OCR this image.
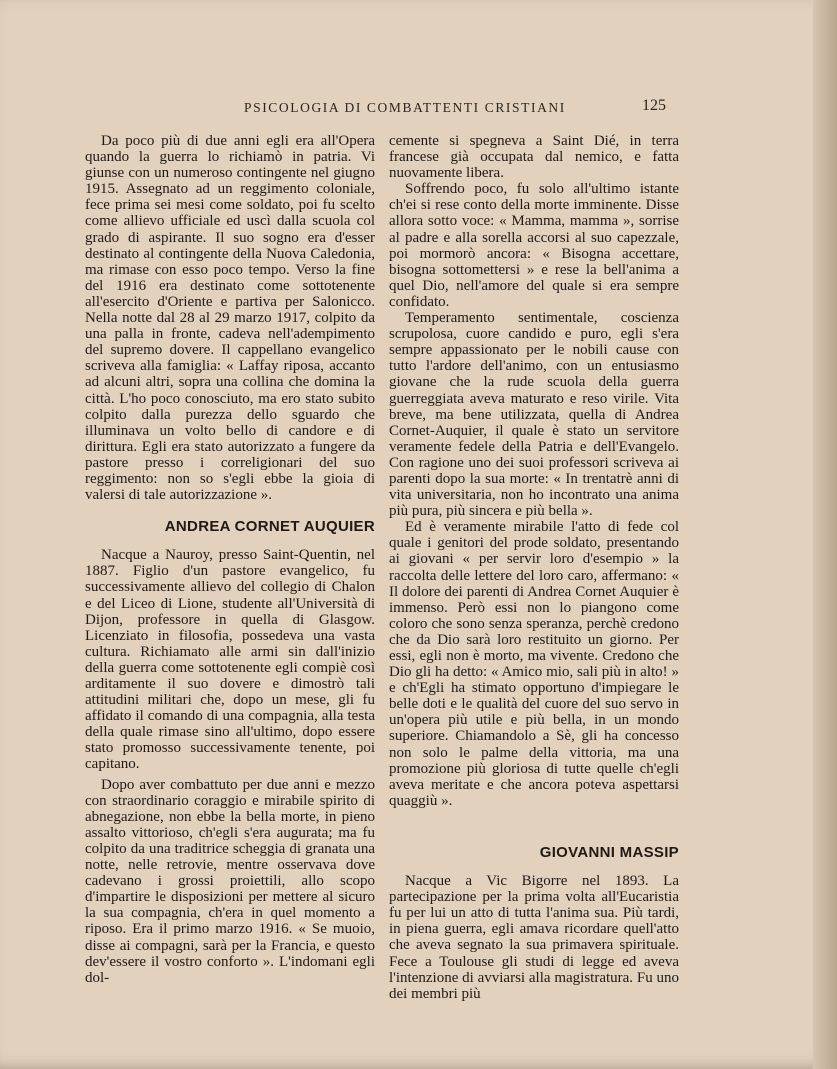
PSICOLOGIA DI COMBATTENTI CRISTIANI	125

Da poco più di due anni egli era all'Opera quando la guerra lo richiamò in patria. Vi giunse con un numeroso contingente nel giugno 1915. Assegnato ad un reggimento coloniale, fece prima sei mesi come soldato, poi fu scelto come allievo ufficiale ed uscì dalla scuola col grado di aspirante. Il suo sogno era d'esser destinato al contingente della Nuova Caledonia, ma rimase con esso poco tempo. Verso la fine del 1916 era destinato come sottotenente all'esercito d'Oriente e partiva per Salonicco. Nella notte dal 28 al 29 marzo 1917, colpito da una palla in fronte, cadeva nell'adempimento del supremo dovere. Il cappellano evangelico scriveva alla famiglia: « Laffay riposa, accanto ad alcuni altri, sopra una collina che domina la città. L'ho poco conosciuto, ma ero stato subito colpito dalla purezza dello sguardo che illuminava un volto bello di candore e di dirittura. Egli era stato autorizzato a fungere da pastore presso i correligionari del suo reggimento: non so s'egli ebbe la gioia di valersi di tale autorizzazione ».

ANDREA CORNET AUQUIER

Nacque a Nauroy, presso Saint-Quentin, nel 1887. Figlio d'un pastore evangelico, fu successivamente allievo del collegio di Chalon e del Liceo di Lione, studente all'Università di Dijon, professore in quella di Glasgow. Licenziato in filosofia, possedeva una vasta cultura. Richiamato alle armi sin dall'inizio della guerra come sottotenente egli compiè così arditamente il suo dovere e dimostrò tali attitudini militari che, dopo un mese, gli fu affidato il comando di una compagnia, alla testa della quale rimase sino all'ultimo, dopo essere stato promosso successivamente tenente, poi capitano.

Dopo aver combattuto per due anni e mezzo con straordinario coraggio e mirabile spirito di abnegazione, non ebbe la bella morte, in pieno assalto vittorioso, ch'egli s'era augurata; ma fu colpito da una traditrice scheggia di granata una notte, nelle retrovie, mentre osservava dove cadevano i grossi proiettili, allo scopo d'impartire le disposizioni per mettere al sicuro la sua compagnia, ch'era in quel momento a riposo. Era il primo marzo 1916. « Se muoio, disse ai compagni, sarà per la Francia, e questo dev'essere il vostro conforto ». L'indomani egli dol-

cemente si spegneva a Saint Dié, in terra francese già occupata dal nemico, e fatta nuovamente libera.

Soffrendo poco, fu solo all'ultimo istante ch'ei si rese conto della morte imminente. Disse allora sotto voce: « Mamma, mamma », sorrise al padre e alla sorella accorsi al suo capezzale, poi mormorò ancora: « Bisogna accettare, bisogna sottomettersi » e rese la bell'anima a quel Dio, nell'amore del quale si era sempre confidato.

Temperamento sentimentale, coscienza scrupolosa, cuore candido e puro, egli s'era sempre appassionato per le nobili cause con tutto l'ardore dell'animo, con un entusiasmo giovane che la rude scuola della guerra guerreggiata aveva maturato e reso virile. Vita breve, ma bene utilizzata, quella di Andrea Cornet-Auquier, il quale è stato un servitore veramente fedele della Patria e dell'Evangelo. Con ragione uno dei suoi professori scriveva ai parenti dopo la sua morte: « In trentatrè anni di vita universitaria, non ho incontrato una anima più pura, più sincera e più bella ».

Ed è veramente mirabile l'atto di fede col quale i genitori del prode soldato, presentando ai giovani « per servir loro d'esempio » la raccolta delle lettere del loro caro, affermano: « Il dolore dei parenti di Andrea Cornet Auquier è immenso. Però essi non lo piangono come coloro che sono senza speranza, perchè credono che da Dio sarà loro restituito un giorno. Per essi, egli non è morto, ma vivente. Credono che Dio gli ha detto: « Amico mio, sali più in alto! » e ch'Egli ha stimato opportuno d'impiegare le belle doti e le qualità del cuore del suo servo in un'opera più utile e più bella, in un mondo superiore. Chiamandolo a Sè, gli ha concesso non solo le palme della vittoria, ma una promozione più gloriosa di tutte quelle ch'egli aveva meritate e che ancora poteva aspettarsi quaggiù ».

GIOVANNI MASSIP

Nacque a Vic Bigorre nel 1893. La partecipazione per la prima volta all'Eucaristia fu per lui un atto di tutta l'anima sua. Più tardi, in piena guerra, egli amava ricordare quell'atto che aveva segnato la sua primavera spirituale. Fece a Toulouse gli studi di legge ed aveva l'intenzione di avviarsi alla magistratura. Fu uno dei membri più
